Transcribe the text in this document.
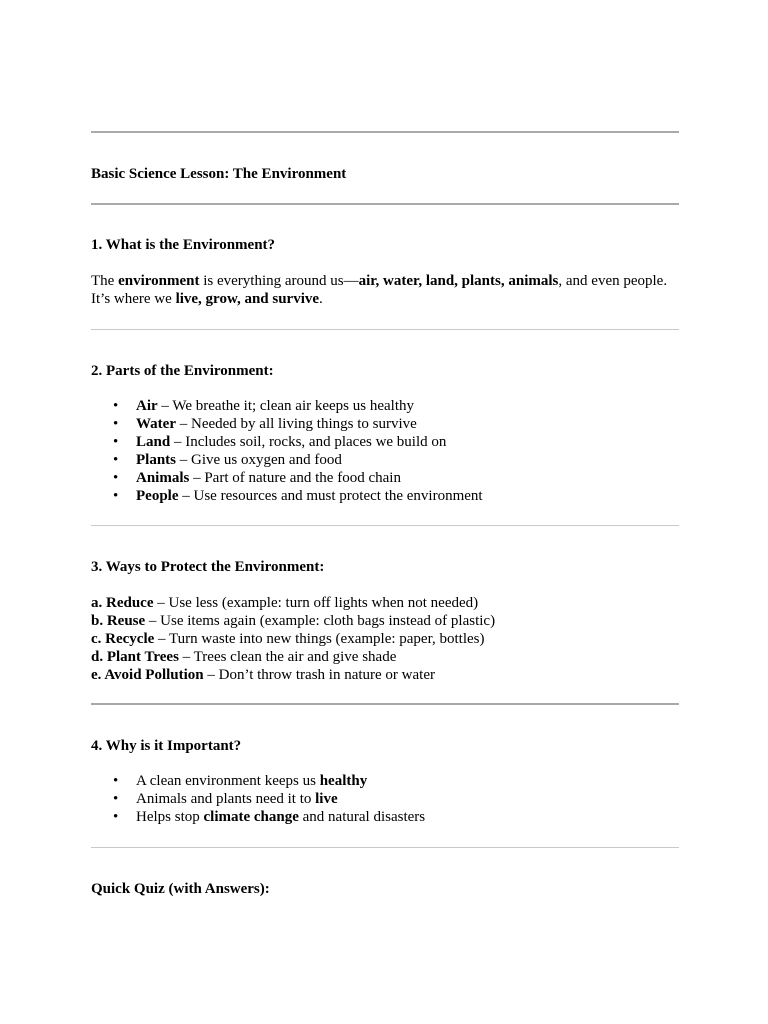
Basic Science Lesson: The Environment
1. What is the Environment?
The environment is everything around us—air, water, land, plants, animals, and even people.
It’s where we live, grow, and survive.
2. Parts of the Environment:
• Air – We breathe it; clean air keeps us healthy
• Water – Needed by all living things to survive
• Land – Includes soil, rocks, and places we build on
• Plants – Give us oxygen and food
• Animals – Part of nature and the food chain
• People – Use resources and must protect the environment
3. Ways to Protect the Environment:
a. Reduce – Use less (example: turn off lights when not needed)
b. Reuse – Use items again (example: cloth bags instead of plastic)
c. Recycle – Turn waste into new things (example: paper, bottles)
d. Plant Trees – Trees clean the air and give shade
e. Avoid Pollution – Don’t throw trash in nature or water
4. Why is it Important?
• A clean environment keeps us healthy
• Animals and plants need it to live
• Helps stop climate change and natural disasters
Quick Quiz (with Answers):
